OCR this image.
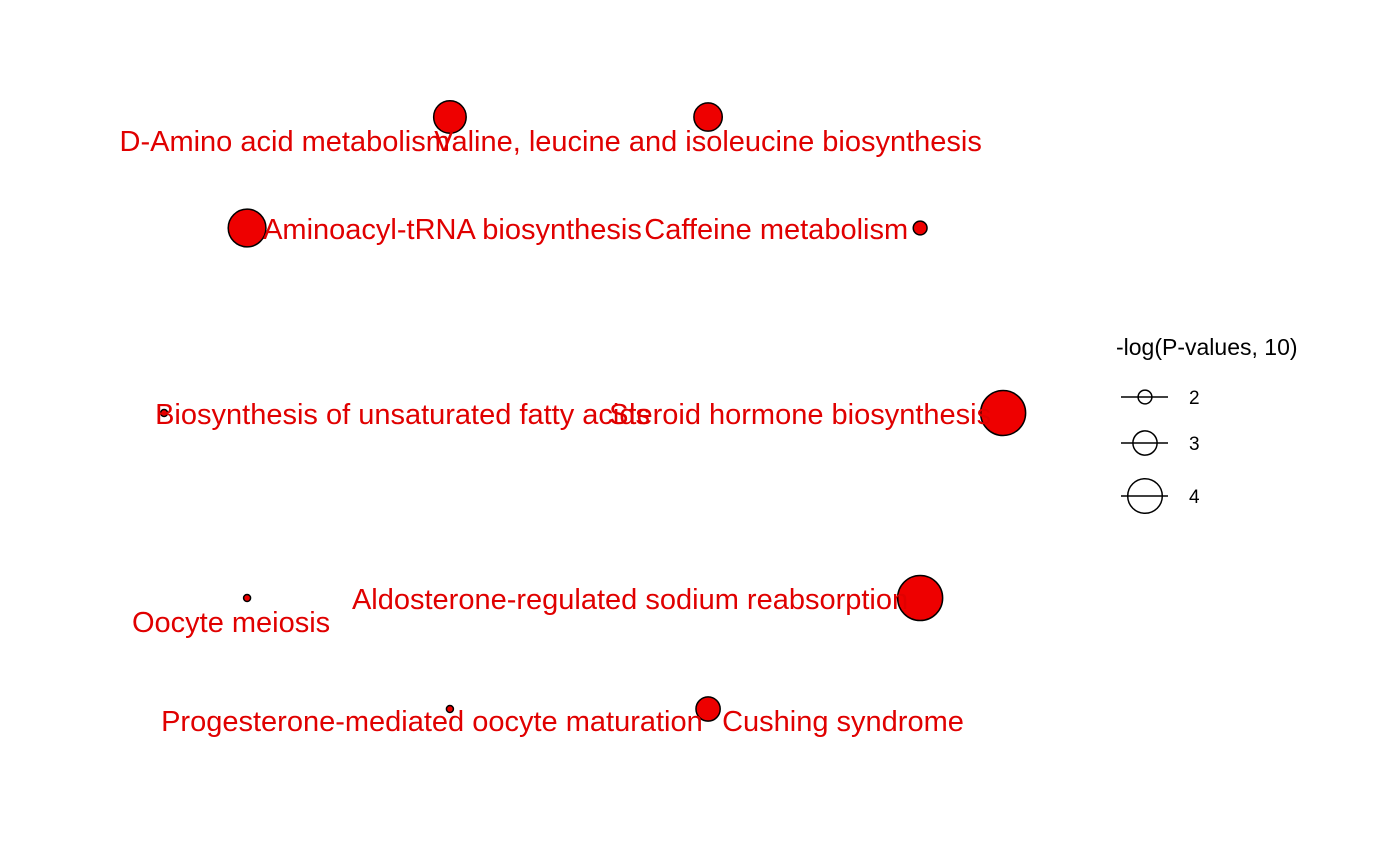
D-Amino acid metabolism
Valine, leucine and isoleucine biosynthesis
Aminoacyl-tRNA biosynthesis Caffeine metabolism
Biosynthesis of unsaturated fatty acids
Steroid hormone biosynthesis
Oocyte meiosis
Aldosterone-regulated sodium reabsorption
Progesterone-mediated oocyte maturation Cushing syndrome
-log(P-values, 10)
2
3
4
